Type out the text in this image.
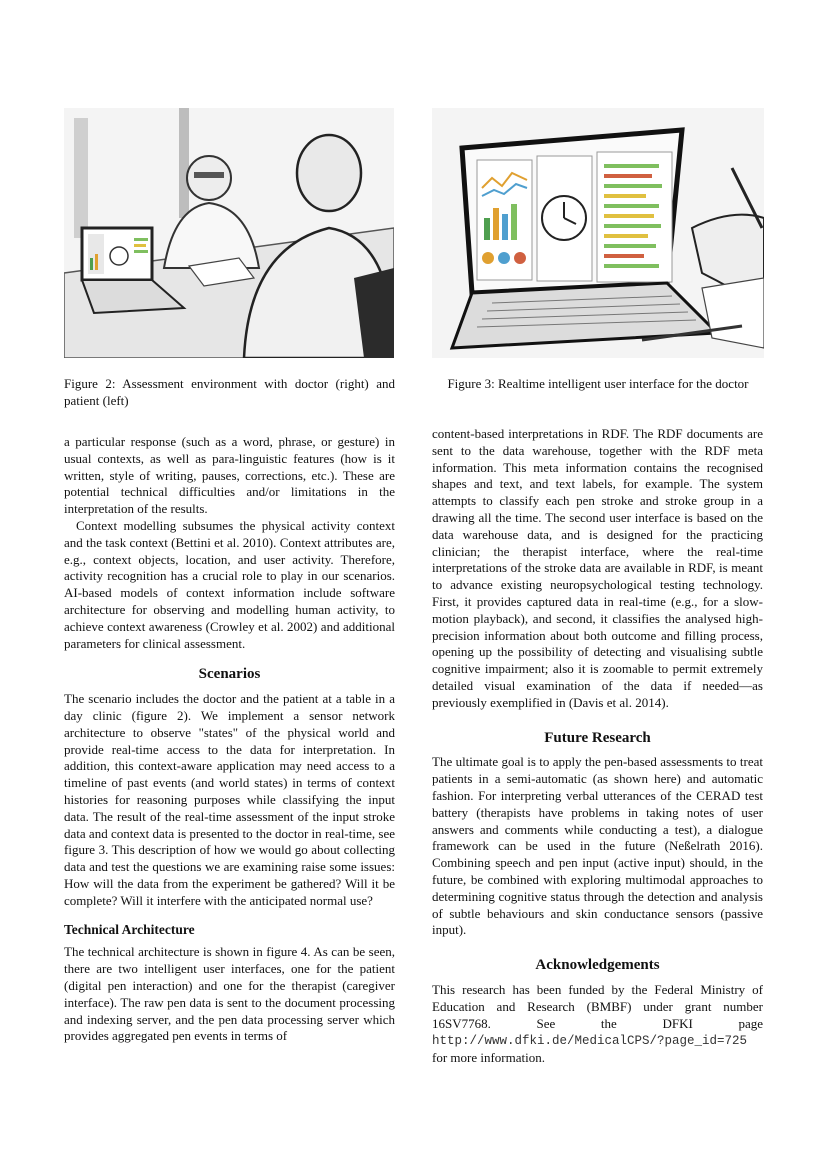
Figure 2: Assessment environment with doctor (right) and patient (left)
Figure 3: Realtime intelligent user interface for the doctor

a particular response (such as a word, phrase, or gesture) in usual contexts, as well as para-linguistic features (how is it written, style of writing, pauses, corrections, etc.). These are potential technical difficulties and/or limitations in the interpretation of the results.

Context modelling subsumes the physical activity context and the task context (Bettini et al. 2010). Context attributes are, e.g., context objects, location, and user activity. Therefore, activity recognition has a crucial role to play in our scenarios. AI-based models of context information include software architecture for observing and modelling human activity, to achieve context awareness (Crowley et al. 2002) and additional parameters for clinical assessment.

Scenarios

The scenario includes the doctor and the patient at a table in a day clinic (figure 2). We implement a sensor network architecture to observe "states" of the physical world and provide real-time access to the data for interpretation. In addition, this context-aware application may need access to a timeline of past events (and world states) in terms of context histories for reasoning purposes while classifying the input data. The result of the real-time assessment of the input stroke data and context data is presented to the doctor in real-time, see figure 3. This description of how we would go about collecting data and test the questions we are examining raise some issues: How will the data from the experiment be gathered? Will it be complete? Will it interfere with the anticipated normal use?

Technical Architecture

The technical architecture is shown in figure 4. As can be seen, there are two intelligent user interfaces, one for the patient (digital pen interaction) and one for the therapist (caregiver interface). The raw pen data is sent to the document processing and indexing server, and the pen data processing server which provides aggregated pen events in terms of

content-based interpretations in RDF. The RDF documents are sent to the data warehouse, together with the RDF meta information. This meta information contains the recognised shapes and text, and text labels, for example. The system attempts to classify each pen stroke and stroke group in a drawing all the time. The second user interface is based on the data warehouse data, and is designed for the practicing clinician; the therapist interface, where the real-time interpretations of the stroke data are available in RDF, is meant to advance existing neuropsychological testing technology. First, it provides captured data in real-time (e.g., for a slow-motion playback), and second, it classifies the analysed high-precision information about both outcome and filling process, opening up the possibility of detecting and visualising subtle cognitive impairment; also it is zoomable to permit extremely detailed visual examination of the data if needed—as previously exemplified in (Davis et al. 2014).

Future Research

The ultimate goal is to apply the pen-based assessments to treat patients in a semi-automatic (as shown here) and automatic fashion. For interpreting verbal utterances of the CERAD test battery (therapists have problems in taking notes of user answers and comments while conducting a test), a dialogue framework can be used in the future (Neßelrath 2016). Combining speech and pen input (active input) should, in the future, be combined with exploring multimodal approaches to determining cognitive status through the detection and analysis of subtle behaviours and skin conductance sensors (passive input).

Acknowledgements

This research has been funded by the Federal Ministry of Education and Research (BMBF) under grant number 16SV7768. See the DFKI page http://www.dfki.de/MedicalCPS/?page_id=725 for more information.
